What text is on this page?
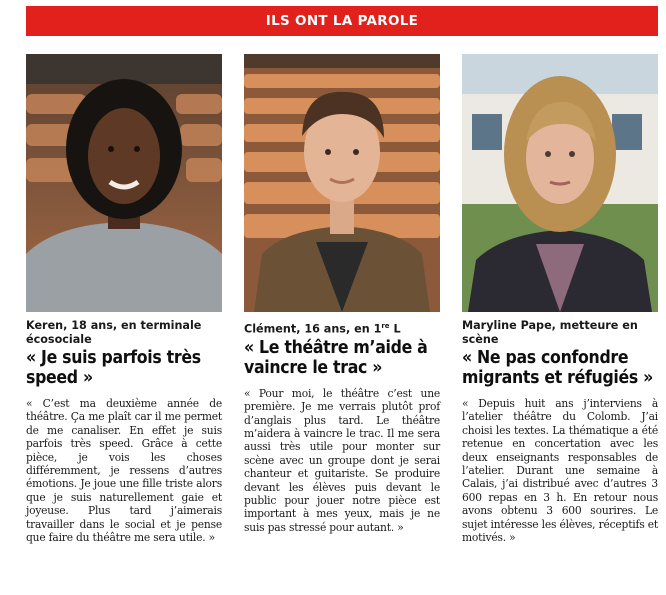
ILS ONT LA PAROLE
Keren, 18 ans, en terminale écosociale
« Je suis parfois très speed »
« C’est ma deuxième année de théâtre. Ça me plaît car il me permet de me canaliser. En effet je suis parfois très speed. Grâce à cette pièce, je vois les choses différemment, je ressens d’autres émotions. Je joue une fille triste alors que je suis naturellement gaie et joyeuse. Plus tard j’aimerais travailler dans le social et je pense que faire du théâtre me sera utile. »
Clément, 16 ans, en 1re L
« Le théâtre m’aide à vaincre le trac »
« Pour moi, le théâtre c’est une première. Je me verrais plutôt prof d’anglais plus tard. Le théâtre m’aidera à vaincre le trac. Il me sera aussi très utile pour monter sur scène avec un groupe dont je serai chanteur et guitariste. Se produire devant les élèves puis devant le public pour jouer notre pièce est important à mes yeux, mais je ne suis pas stressé pour autant. »
Maryline Pape, metteure en scène
« Ne pas confondre migrants et réfugiés »
« Depuis huit ans j’interviens à l’atelier théâtre du Colomb. J’ai choisi les textes. La thématique a été retenue en concertation avec les deux enseignants responsables de l’atelier. Durant une semaine à Calais, j’ai distribué avec d’autres 3 600 repas en 3 h. En retour nous avons obtenu 3 600 sourires. Le sujet intéresse les élèves, réceptifs et motivés. »
